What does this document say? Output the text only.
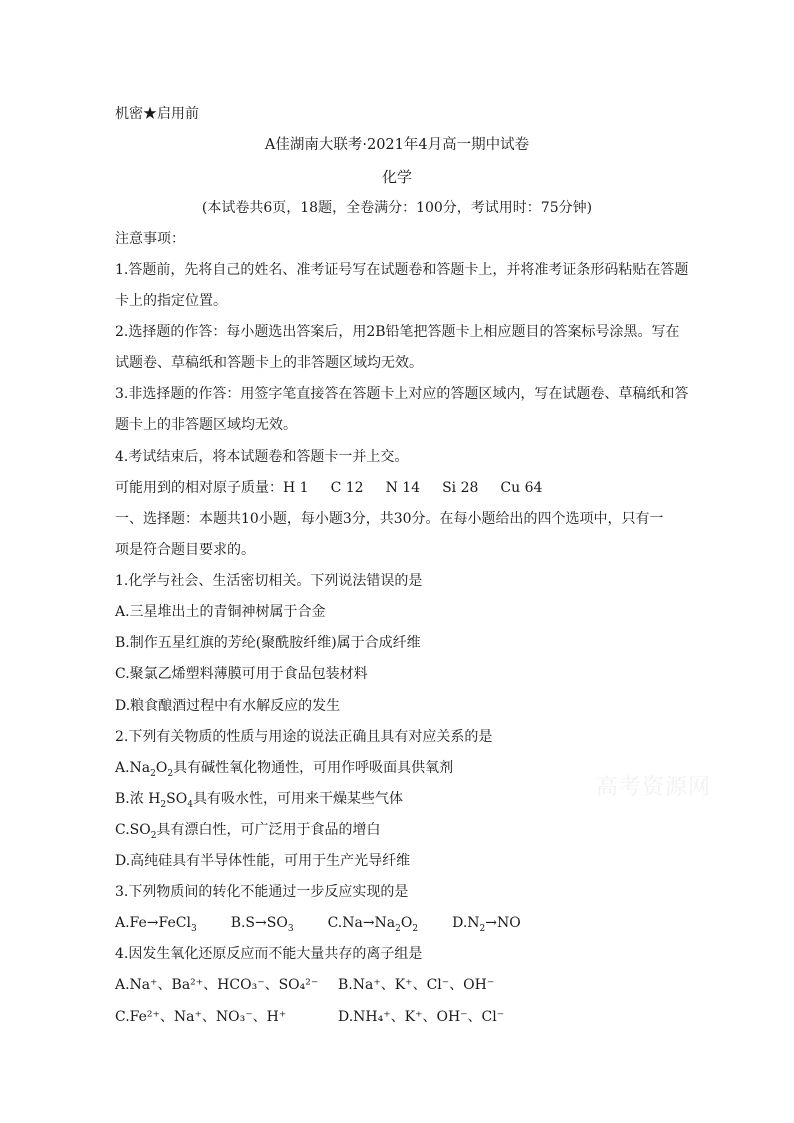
机密★启用前
A佳湖南大联考·2021年4月高一期中试卷
化学
(本试卷共6页，18题，全卷满分：100分，考试用时：75分钟)
注意事项：
1.答题前，先将自己的姓名、准考证号写在试题卷和答题卡上，并将准考证条形码粘贴在答题
卡上的指定位置。
2.选择题的作答：每小题选出答案后，用2B铅笔把答题卡上相应题目的答案标号涂黑。写在
试题卷、草稿纸和答题卡上的非答题区域均无效。
3.非选择题的作答：用签字笔直接答在答题卡上对应的答题区域内，写在试题卷、草稿纸和答
题卡上的非答题区域均无效。
4.考试结束后，将本试题卷和答题卡一并上交。
可能用到的相对原子质量：H 1 C 12 N 14 Si 28 Cu 64
一、选择题：本题共10小题，每小题3分，共30分。在每小题给出的四个选项中，只有一
项是符合题目要求的。
1.化学与社会、生活密切相关。下列说法错误的是
A.三星堆出土的青铜神树属于合金
B.制作五星红旗的芳纶(聚酰胺纤维)属于合成纤维
C.聚氯乙烯塑料薄膜可用于食品包装材料
D.粮食酿酒过程中有水解反应的发生
2.下列有关物质的性质与用途的说法正确且具有对应关系的是
$A.Na_2O_2$具有碱性氧化物通性，可用作呼吸面具供氧剂
B.浓 $H_2SO_4$具有吸水性，可用来干燥某些气体
$C.SO_2$具有漂白性，可广泛用于食品的增白
D.高纯硅具有半导体性能，可用于生产光导纤维
3.下列物质间的转化不能通过一步反应实现的是
A.Fe→FeCl$_3$ $B.S\to SO_3$ $C.Na\to Na_2O_2$ $D.N_2\to NO$
4.因发生氧化还原反应而不能大量共存的离子组是
A.Na⁺、Ba²⁺、HCO₃⁻、SO₄²⁻ B.Na⁺、K⁺、Cl⁻、OH⁻
C.Fe²⁺、Na⁺、NO₃⁻、H⁺	D.NH₄⁺、K⁺、OH⁻、Cl⁻
高考资源网
